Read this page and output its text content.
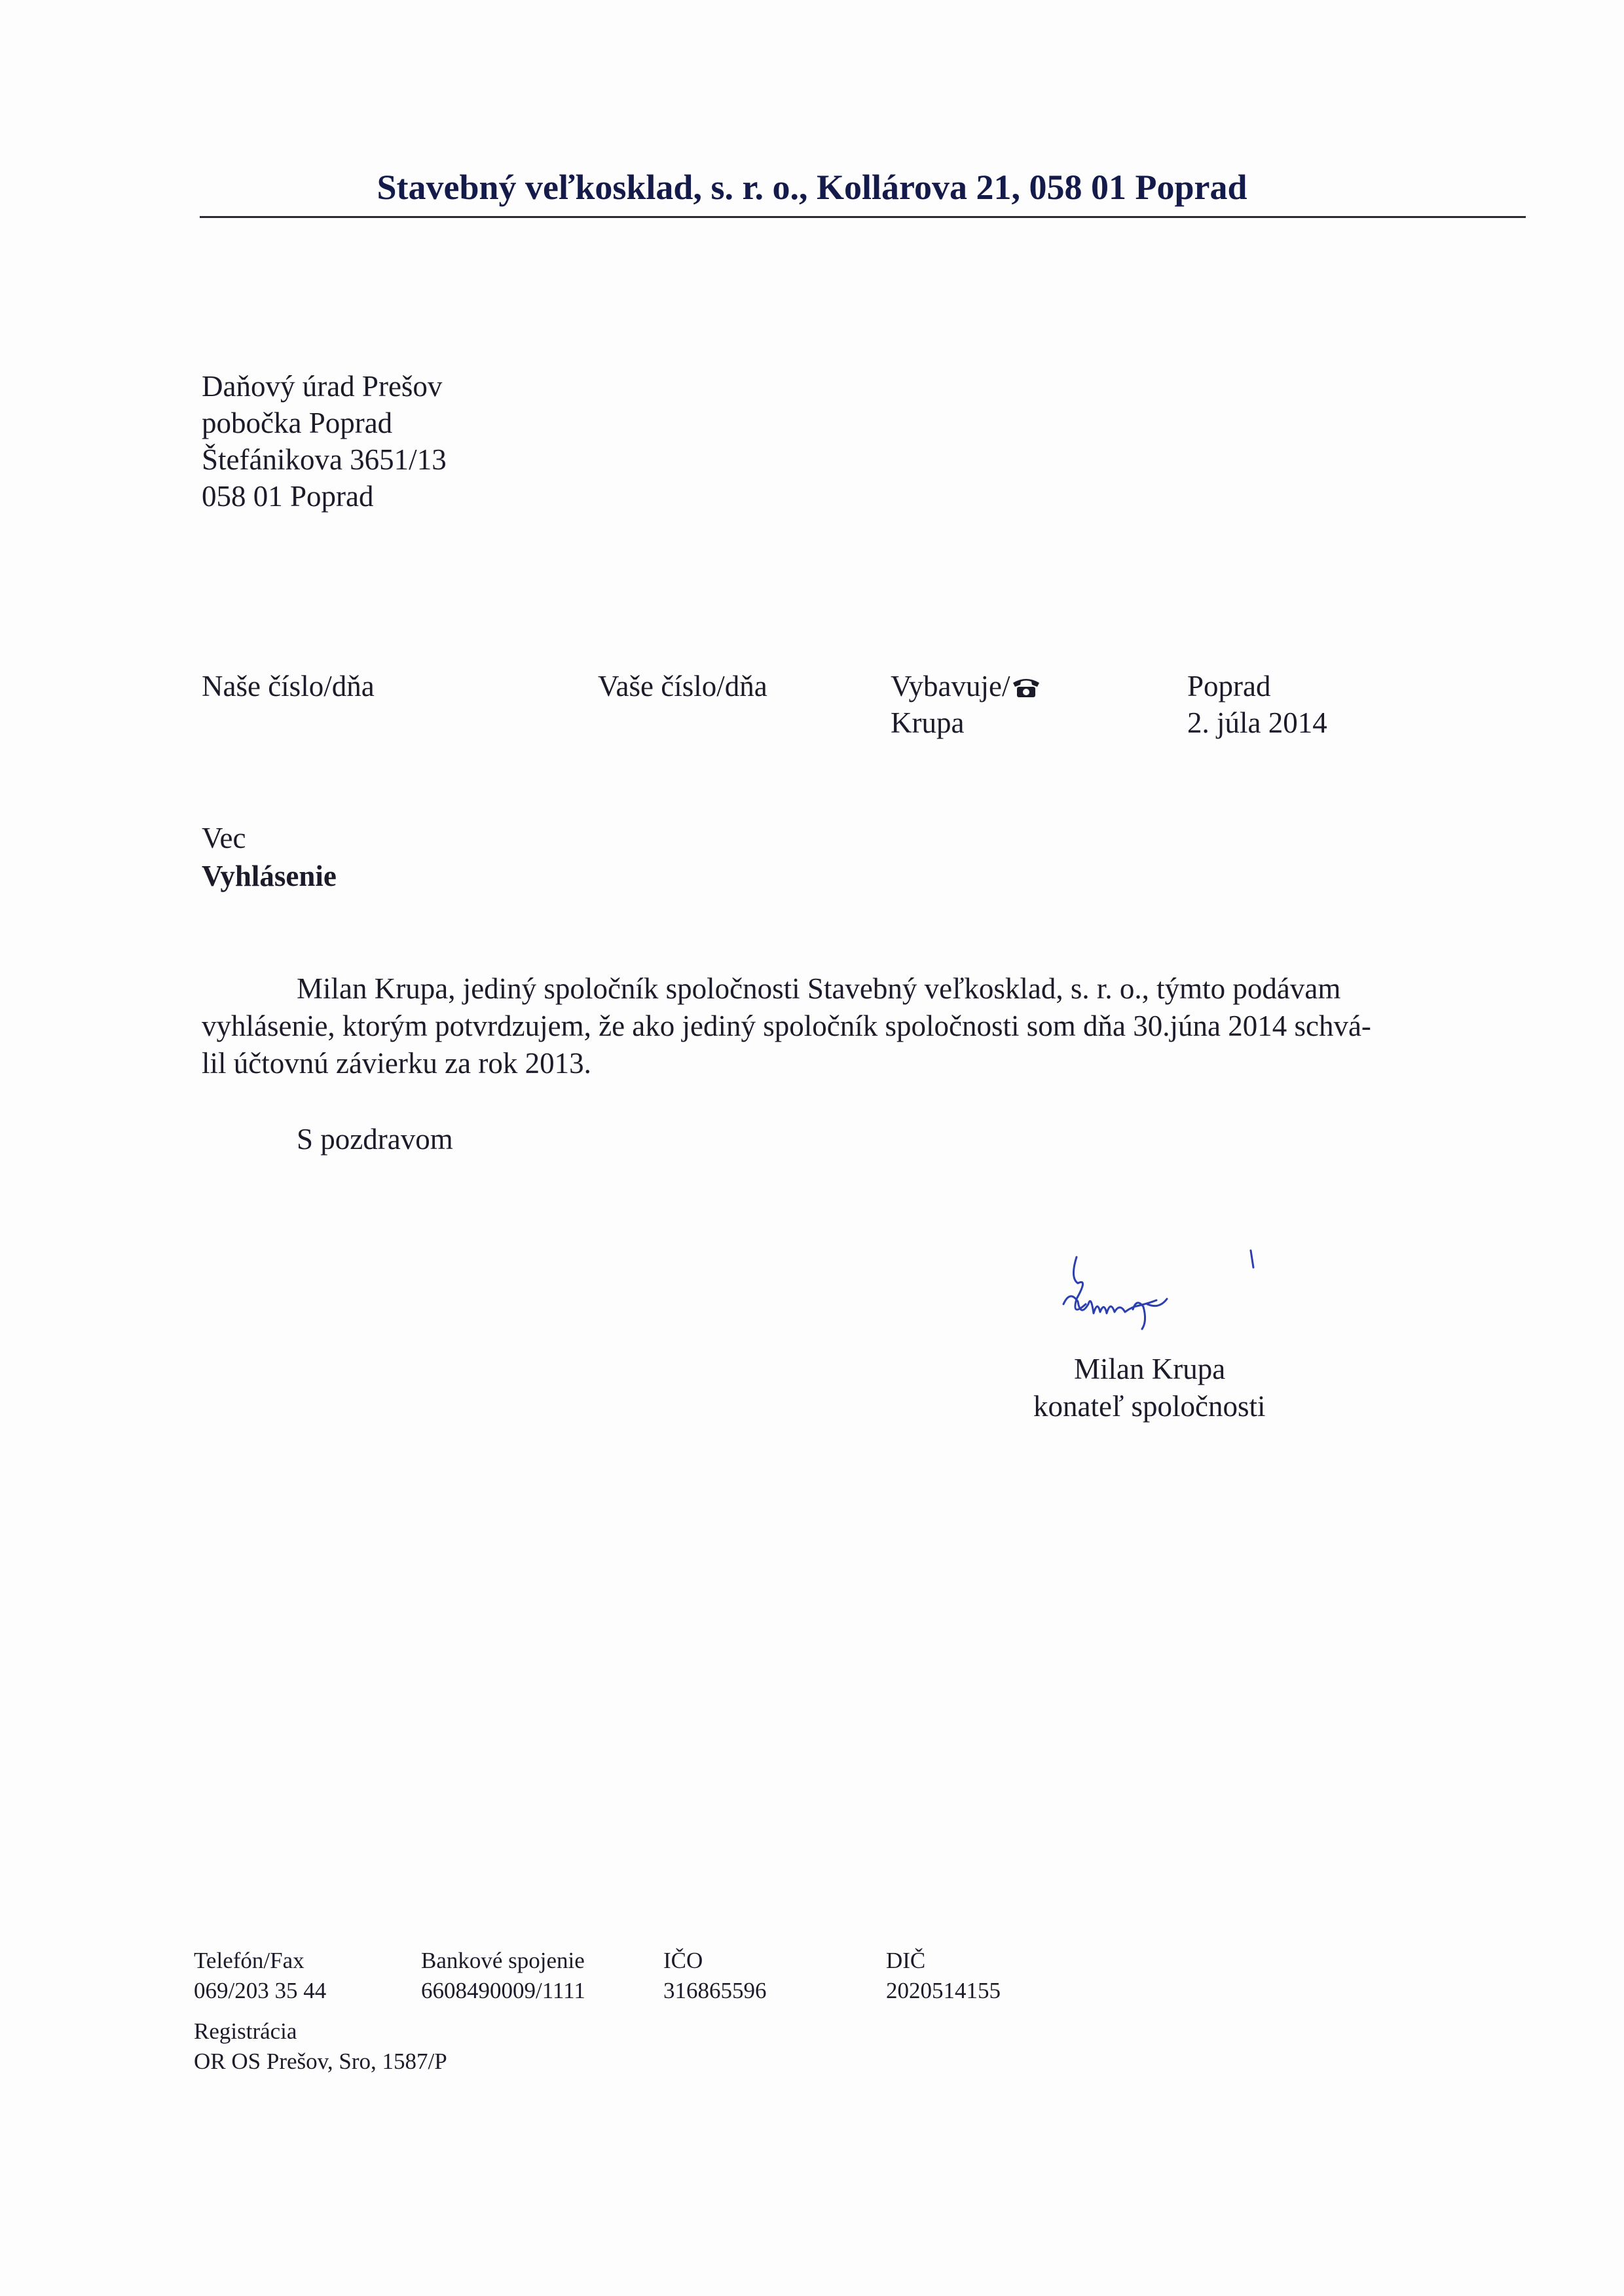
Stavebný veľkosklad, s. r. o., Kollárova 21, 058 01 Poprad
Daňový úrad Prešov
pobočka Poprad
Štefánikova 3651/13
058 01 Poprad
Naše číslo/dňa	Vaše číslo/dňa	Vybavuje/
Krupa
Poprad
2. júla 2014
Vec
Vyhlásenie
Milan Krupa, jediný spoločník spoločnosti Stavebný veľkosklad, s. r. o., týmto podávam
vyhlásenie, ktorým potvrdzujem, že ako jediný spoločník spoločnosti som dňa 30.júna 2014 schvá-
lil účtovnú závierku za rok 2013.
S pozdravom
Milan Krupa
konateľ spoločnosti
Telefón/Fax
069/203 35 44
Bankové spojenie
6608490009/1111
IČO
316865596
DIČ
2020514155
Registrácia
OR OS Prešov, Sro, 1587/P
